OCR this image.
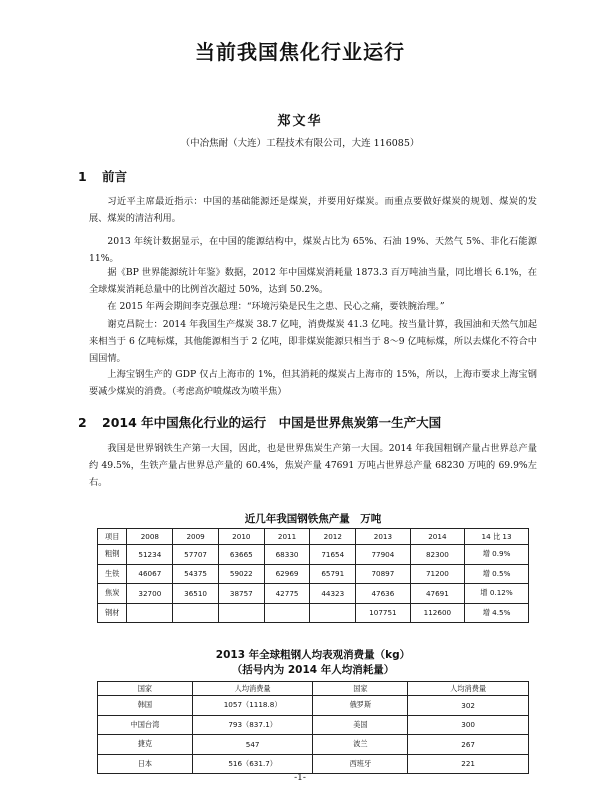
当前我国焦化行业运行
郑文华
（中冶焦耐（大连）工程技术有限公司，大连 116085）
1 前言

习近平主席最近指示：中国的基础能源还是煤炭，并要用好煤炭。而重点要做好煤炭的规划、煤炭的发展、煤炭的清洁利用。

2013 年统计数据显示，在中国的能源结构中，煤炭占比为 65%、石油 19%、天然气 5%、非化石能源 11%。

据《BP 世界能源统计年鉴》数据，2012 年中国煤炭消耗量 1873.3 百万吨油当量，同比增长 6.1%，在全球煤炭消耗总量中的比例首次超过 50%，达到 50.2%。

在 2015 年两会期间李克强总理：“环境污染是民生之患、民心之痛，要铁腕治理。”

谢克昌院士：2014 年我国生产煤炭 38.7 亿吨，消费煤炭 41.3 亿吨。按当量计算，我国油和天然气加起来相当于 6 亿吨标煤，其他能源相当于 2 亿吨，即非煤炭能源只相当于 8～9 亿吨标煤，所以去煤化不符合中国国情。

上海宝钢生产的 GDP 仅占上海市的 1%，但其消耗的煤炭占上海市的 15%，所以，上海市要求上海宝钢要减少煤炭的消费。（考虑高炉喷煤改为喷半焦）

2 2014 年中国焦化行业的运行　中国是世界焦炭第一生产大国

我国是世界钢铁生产第一大国，因此，也是世界焦炭生产第一大国。2014 年我国粗钢产量占世界总产量约 49.5%，生铁产量占世界总产量的 60.4%，焦炭产量 47691 万吨占世界总产量 68230 万吨的 69.9%左右。

近几年我国钢铁焦产量　万吨
项目	2008	2009	2010	2011	2012	2013	2014	14 比 13
粗钢	51234	57707	63665	68330	71654	77904	82300	增 0.9%
生铁	46067	54375	59022	62969	65791	70897	71200	增 0.5%
焦炭	32700	36510	38757	42775	44323	47636	47691	增 0.12%
钢材						107751	112600	增 4.5%
2013 年全球粗钢人均表观消费量（kg）
（括号内为 2014 年人均消耗量）
国家	人均消费量	国家	人均消费量
韩国	1057（1118.8）	俄罗斯	302
中国台湾	793（837.1）	美国	300
捷克	547	波兰	267
日本	516（631.7）	西班牙	221
-1-
